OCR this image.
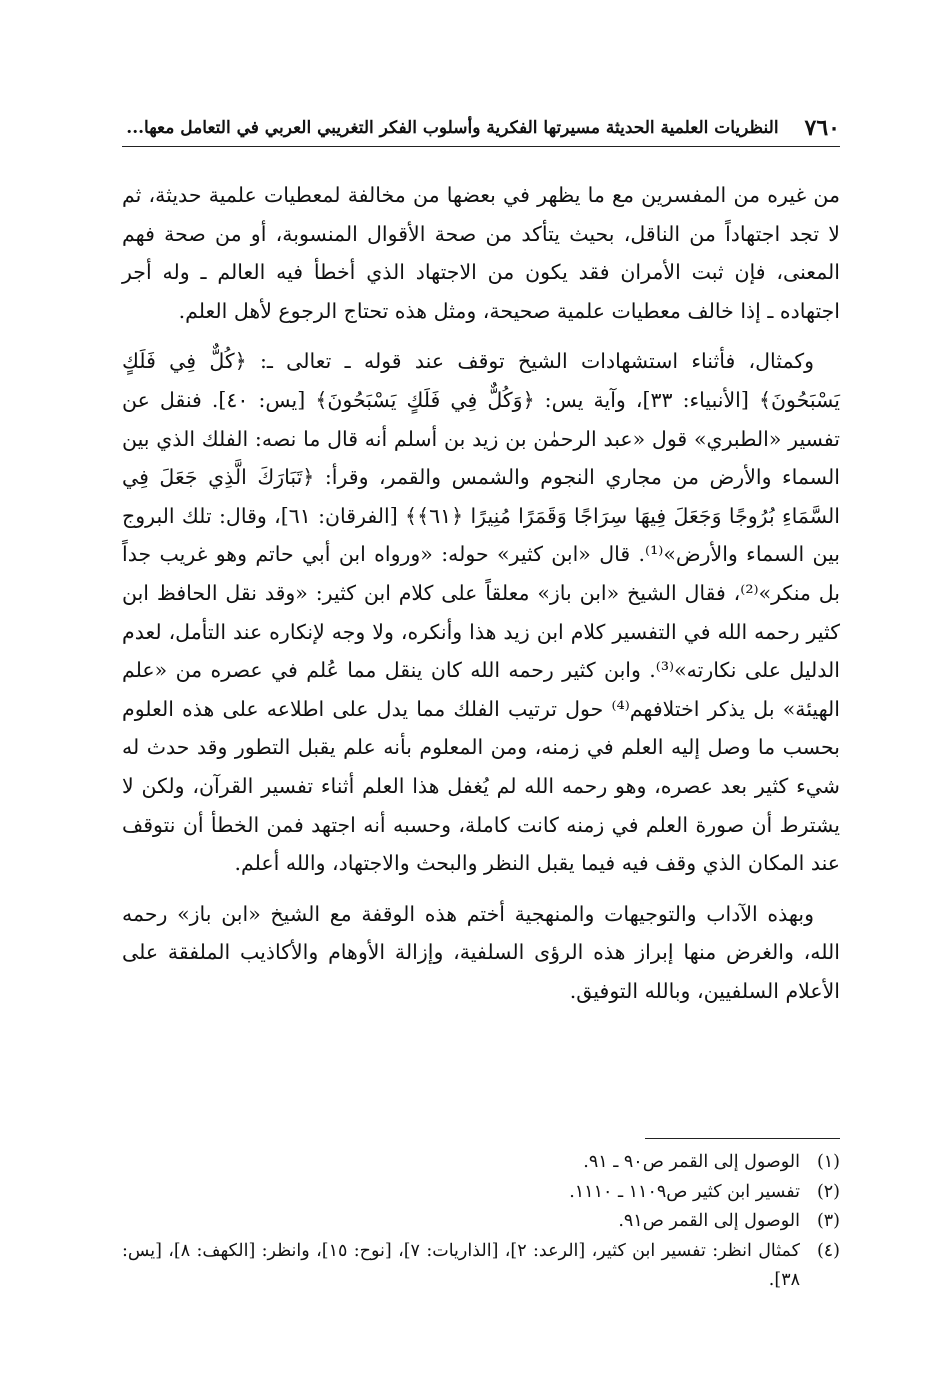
٧٦٠
النظريات العلمية الحديثة مسيرتها الفكرية وأسلوب الفكر التغريبي العربي في التعامل معها...

من غيره من المفسرين مع ما يظهر في بعضها من مخالفة لمعطيات علمية حديثة، ثم لا تجد اجتهاداً من الناقل، بحيث يتأكد من صحة الأقوال المنسوبة، أو من صحة فهم المعنى، فإن ثبت الأمران فقد يكون من الاجتهاد الذي أخطأ فيه العالم ـ وله أجر اجتهاده ـ إذا خالف معطيات علمية صحيحة، ومثل هذه تحتاج الرجوع لأهل العلم.

وكمثال، فأثناء استشهادات الشيخ توقف عند قوله ـ تعالى ـ: ﴿كُلٌّ فِي فَلَكٍ يَسْبَحُونَ﴾ [الأنبياء: ٣٣]، وآية يس: ﴿وَكُلٌّ فِي فَلَكٍ يَسْبَحُونَ﴾ [يس: ٤٠]. فنقل عن تفسير «الطبري» قول «عبد الرحمٰن بن زيد بن أسلم أنه قال ما نصه: الفلك الذي بين السماء والأرض من مجاري النجوم والشمس والقمر، وقرأ: ﴿تَبَارَكَ الَّذِي جَعَلَ فِي السَّمَاءِ بُرُوجًا وَجَعَلَ فِيهَا سِرَاجًا وَقَمَرًا مُنِيرًا ﴿٦١﴾﴾ [الفرقان: ٦١]، وقال: تلك البروج بين السماء والأرض»⁽¹⁾. قال «ابن كثير» حوله: «ورواه ابن أبي حاتم وهو غريب جداً بل منكر»⁽²⁾، فقال الشيخ «ابن باز» معلقاً على كلام ابن كثير: «وقد نقل الحافظ ابن كثير رحمه الله في التفسير كلام ابن زيد هذا وأنكره، ولا وجه لإنكاره عند التأمل، لعدم الدليل على نكارته»⁽³⁾. وابن كثير رحمه الله كان ينقل مما عُلم في عصره من «علم الهيئة» بل يذكر اختلافهم⁽⁴⁾ حول ترتيب الفلك مما يدل على اطلاعه على هذه العلوم بحسب ما وصل إليه العلم في زمنه، ومن المعلوم بأنه علم يقبل التطور وقد حدث له شيء كثير بعد عصره، وهو رحمه الله لم يُغفل هذا العلم أثناء تفسير القرآن، ولكن لا يشترط أن صورة العلم في زمنه كانت كاملة، وحسبه أنه اجتهد فمن الخطأ أن نتوقف عند المكان الذي وقف فيه فيما يقبل النظر والبحث والاجتهاد، والله أعلم.

وبهذه الآداب والتوجيهات والمنهجية أختم هذه الوقفة مع الشيخ «ابن باز» رحمه الله، والغرض منها إبراز هذه الرؤى السلفية، وإزالة الأوهام والأكاذيب الملفقة على الأعلام السلفيين، وبالله التوفيق.

(١)
الوصول إلى القمر ص٩٠ ـ ٩١.
(٢)
تفسير ابن كثير ص١١٠٩ ـ ١١١٠.
(٣)
الوصول إلى القمر ص٩١.
(٤)
كمثال انظر: تفسير ابن كثير، [الرعد: ٢]، [الذاريات: ٧]، [نوح: ١٥]، وانظر: [الكهف: ٨]، [يس: ٣٨].
